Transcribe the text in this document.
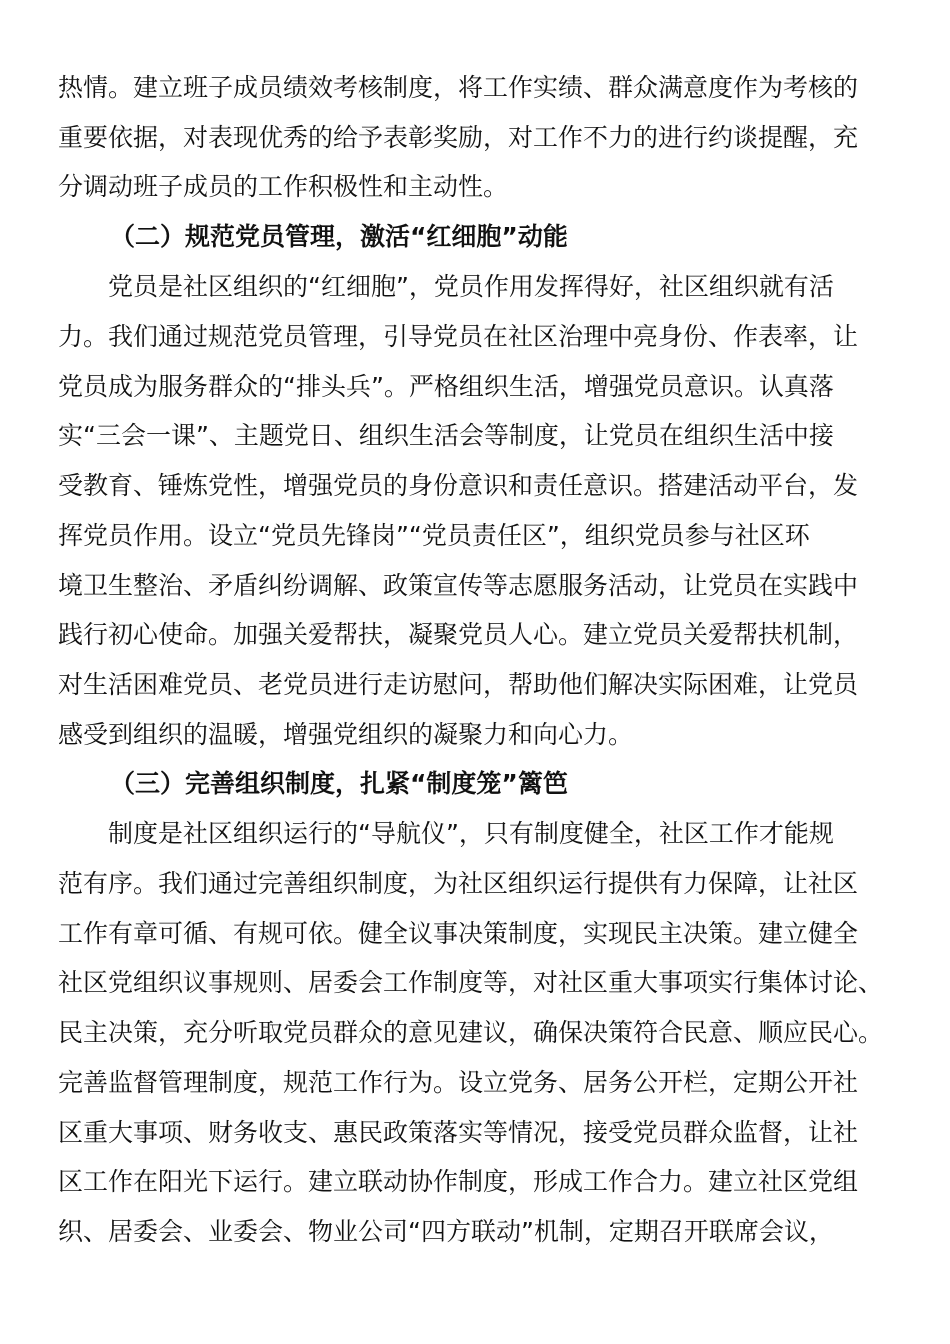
热情。建立班子成员绩效考核制度，将工作实绩、群众满意度作为考核的
重要依据，对表现优秀的给予表彰奖励，对工作不力的进行约谈提醒，充
分调动班子成员的工作积极性和主动性。
（二）规范党员管理，激活“红细胞”动能
党员是社区组织的“红细胞”，党员作用发挥得好，社区组织就有活
力。我们通过规范党员管理，引导党员在社区治理中亮身份、作表率，让
党员成为服务群众的“排头兵”。严格组织生活，增强党员意识。认真落
实“三会一课”、主题党日、组织生活会等制度，让党员在组织生活中接
受教育、锤炼党性，增强党员的身份意识和责任意识。搭建活动平台，发
挥党员作用。设立“党员先锋岗”“党员责任区”，组织党员参与社区环
境卫生整治、矛盾纠纷调解、政策宣传等志愿服务活动，让党员在实践中
践行初心使命。加强关爱帮扶，凝聚党员人心。建立党员关爱帮扶机制，
对生活困难党员、老党员进行走访慰问，帮助他们解决实际困难，让党员
感受到组织的温暖，增强党组织的凝聚力和向心力。
（三）完善组织制度，扎紧“制度笼”篱笆
制度是社区组织运行的“导航仪”，只有制度健全，社区工作才能规
范有序。我们通过完善组织制度，为社区组织运行提供有力保障，让社区
工作有章可循、有规可依。健全议事决策制度，实现民主决策。建立健全
社区党组织议事规则、居委会工作制度等，对社区重大事项实行集体讨论、
民主决策，充分听取党员群众的意见建议，确保决策符合民意、顺应民心。
完善监督管理制度，规范工作行为。设立党务、居务公开栏，定期公开社
区重大事项、财务收支、惠民政策落实等情况，接受党员群众监督，让社
区工作在阳光下运行。建立联动协作制度，形成工作合力。建立社区党组
织、居委会、业委会、物业公司“四方联动”机制，定期召开联席会议，
